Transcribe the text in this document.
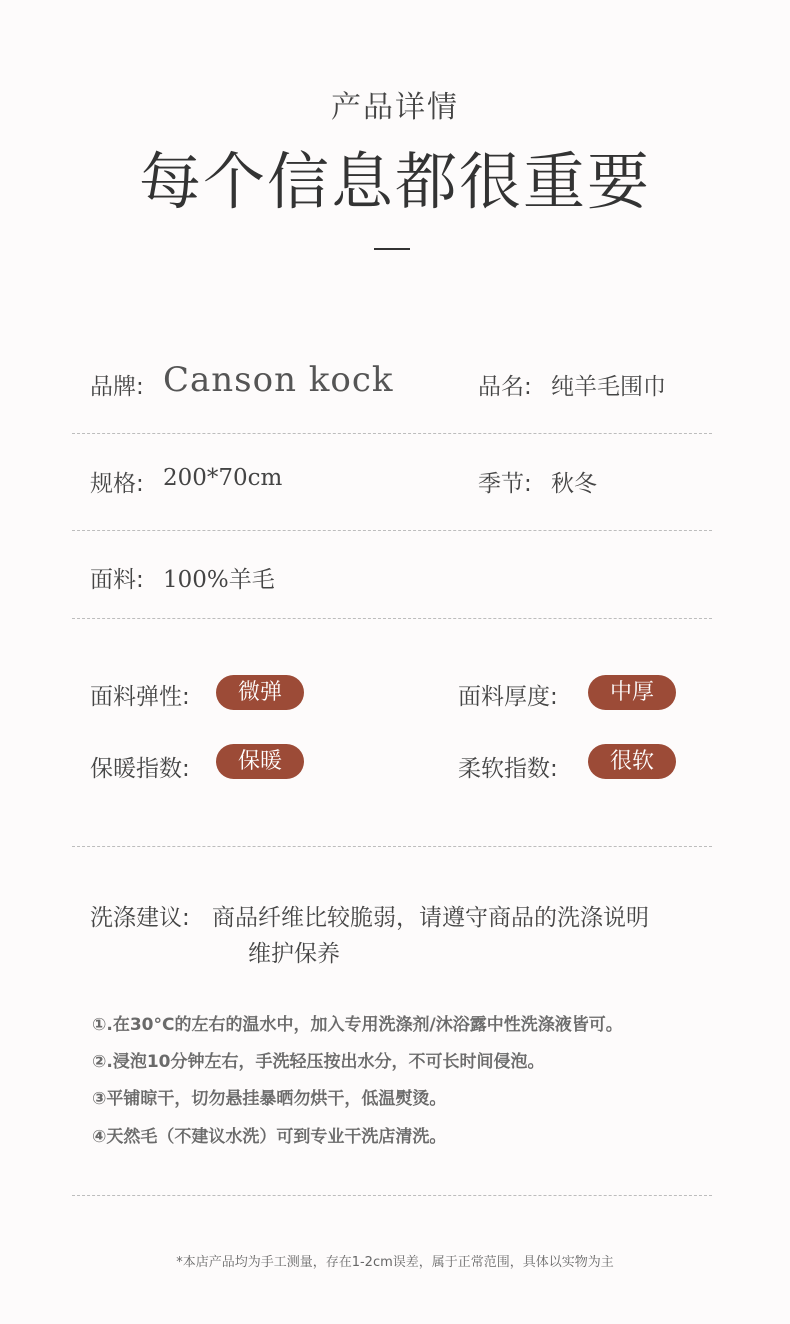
产品详情
每个信息都很重要
品牌: Canson kock	品名: 纯羊毛围巾
规格: 200*70cm	季节: 秋冬
面料: 100%羊毛
面料弹性:	微弹	面料厚度:	中厚
保暖指数:	保暖	柔软指数:	很软
洗涤建议: 商品纤维比较脆弱，请遵守商品的洗涤说明
维护保养
①.在30°C的左右的温水中，加入专用洗涤剂/沐浴露中性洗涤液皆可。
②.浸泡10分钟左右，手洗轻压按出水分，不可长时间侵泡。
③平铺晾干，切勿悬挂暴晒勿烘干，低温熨烫。
④天然毛（不建议水洗）可到专业干洗店清洗。
*本店产品均为手工测量，存在1-2cm误差，属于正常范围，具体以实物为主
